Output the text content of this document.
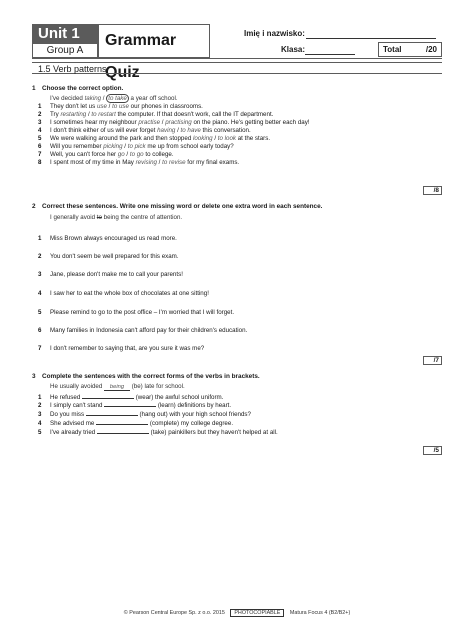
Unit 1
Group A
Grammar Quiz
Imię i nazwisko:
Klasa:	Total	/20
1.5 Verb patterns
1 Choose the correct option.
I've decided taking / to take a year off school.
1 They don't let us use / to use our phones in classrooms.
2 Try restarting / to restart the computer. If that doesn't work, call the IT department.
3 I sometimes hear my neighbour practise / practising on the piano. He's getting better each day!
4 I don't think either of us will ever forget having / to have this conversation.
5 We were walking around the park and then stopped looking / to look at the stars.
6 Will you remember picking / to pick me up from school early today?
7 Well, you can't force her go / to go to college.
8 I spent most of my time in May revising / to revise for my final exams.
/8
2 Correct these sentences. Write one missing word or delete one extra word in each sentence.
I generally avoid to being the centre of attention.
1 Miss Brown always encouraged us read more.
2 You don't seem be well prepared for this exam.
3 Jane, please don't make me to call your parents!
4 I saw her to eat the whole box of chocolates at one sitting!
5 Please remind to go to the post office – I'm worried that I will forget.
6 Many families in Indonesia can't afford pay for their children's education.
7 I don't remember to saying that, are you sure it was me?
/7
3 Complete the sentences with the correct forms of the verbs in brackets.
He usually avoided being (be) late for school.
1 He refused	(wear) the awful school uniform.
2 I simply can't stand	(learn) definitions by heart.
3 Do you miss	(hang out) with your high school friends?
4 She advised me	(complete) my college degree.
5 I've already tried	(take) painkillers but they haven't helped at all.
/5
© Pearson Central Europe Sp. z o.o. 2015 PHOTOCOPIABLE Matura Focus 4 (B2/B2+)
